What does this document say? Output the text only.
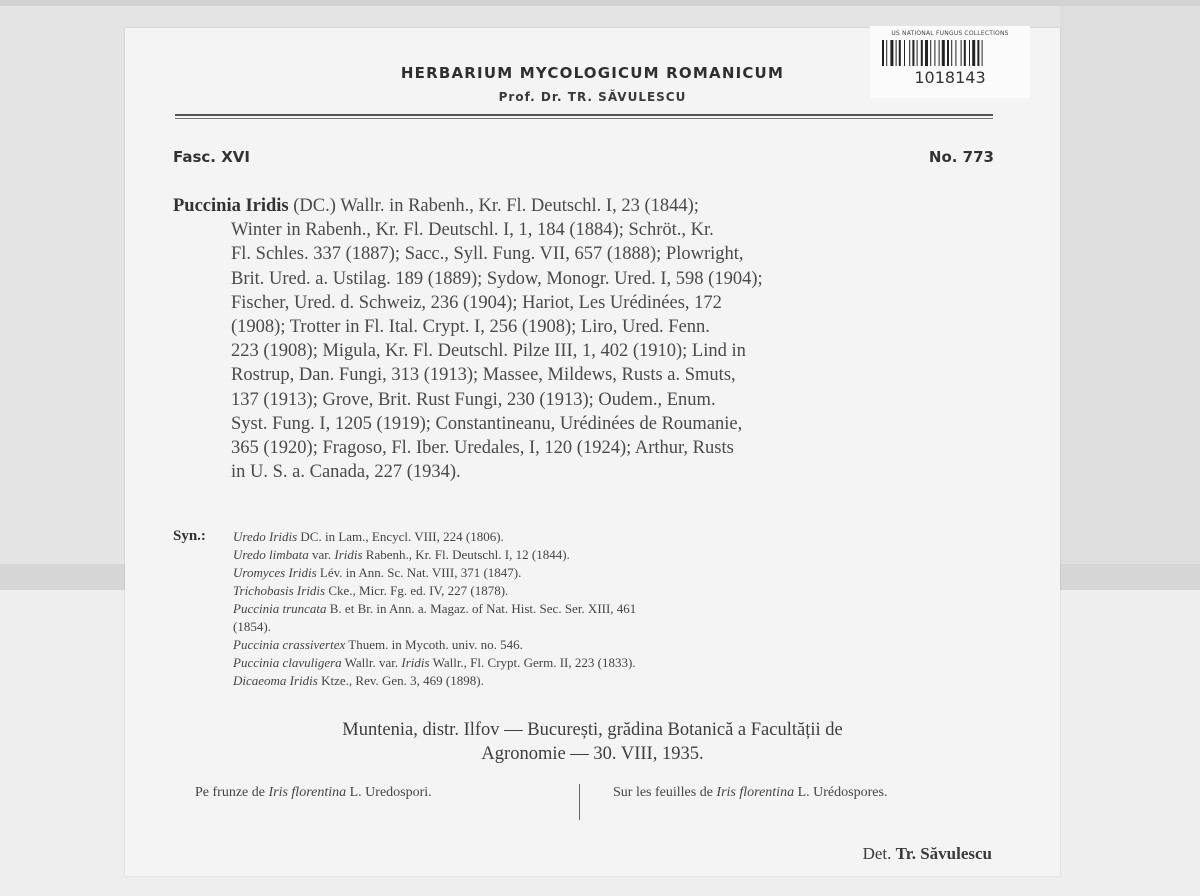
HERBARIUM MYCOLOGICUM ROMANICUM
Prof. Dr. TR. SĂVULESCU
US NATIONAL FUNGUS COLLECTIONS
1018143
Fasc. XVI	No. 773
Puccinia Iridis (DC.) Wallr. in Rabenh., Kr. Fl. Deutschl. I, 23 (1844);
Winter in Rabenh., Kr. Fl. Deutschl. I, 1, 184 (1884); Schröt., Kr.
Fl. Schles. 337 (1887); Sacc., Syll. Fung. VII, 657 (1888); Plowright,
Brit. Ured. a. Ustilag. 189 (1889); Sydow, Monogr. Ured. I, 598 (1904);
Fischer, Ured. d. Schweiz, 236 (1904); Hariot, Les Urédinées, 172
(1908); Trotter in Fl. Ital. Crypt. I, 256 (1908); Liro, Ured. Fenn.
223 (1908); Migula, Kr. Fl. Deutschl. Pilze III, 1, 402 (1910); Lind in
Rostrup, Dan. Fungi, 313 (1913); Massee, Mildews, Rusts a. Smuts,
137 (1913); Grove, Brit. Rust Fungi, 230 (1913); Oudem., Enum.
Syst. Fung. I, 1205 (1919); Constantineanu, Urédinées de Roumanie,
365 (1920); Fragoso, Fl. Iber. Uredales, I, 120 (1924); Arthur, Rusts
in U. S. a. Canada, 227 (1934).
Syn.: Uredo Iridis DC. in Lam., Encycl. VIII, 224 (1806).
Uredo limbata var. Iridis Rabenh., Kr. Fl. Deutschl. I, 12 (1844).
Uromyces Iridis Lév. in Ann. Sc. Nat. VIII, 371 (1847).
Trichobasis Iridis Cke., Micr. Fg. ed. IV, 227 (1878).
Puccinia truncata B. et Br. in Ann. a. Magaz. of Nat. Hist. Sec. Ser. XIII, 461
(1854).
Puccinia crassivertex Thuem. in Mycoth. univ. no. 546.
Puccinia clavuligera Wallr. var. Iridis Wallr., Fl. Crypt. Germ. II, 223 (1833).
Dicaeoma Iridis Ktze., Rev. Gen. 3, 469 (1898).
Muntenia, distr. Ilfov — București, grădina Botanică a Facultății de
Agronomie — 30. VIII, 1935.
Pe frunze de Iris florentina L. Uredospori.	Sur les feuilles de Iris florentina L. Urédospores.
Det. Tr. Săvulescu
